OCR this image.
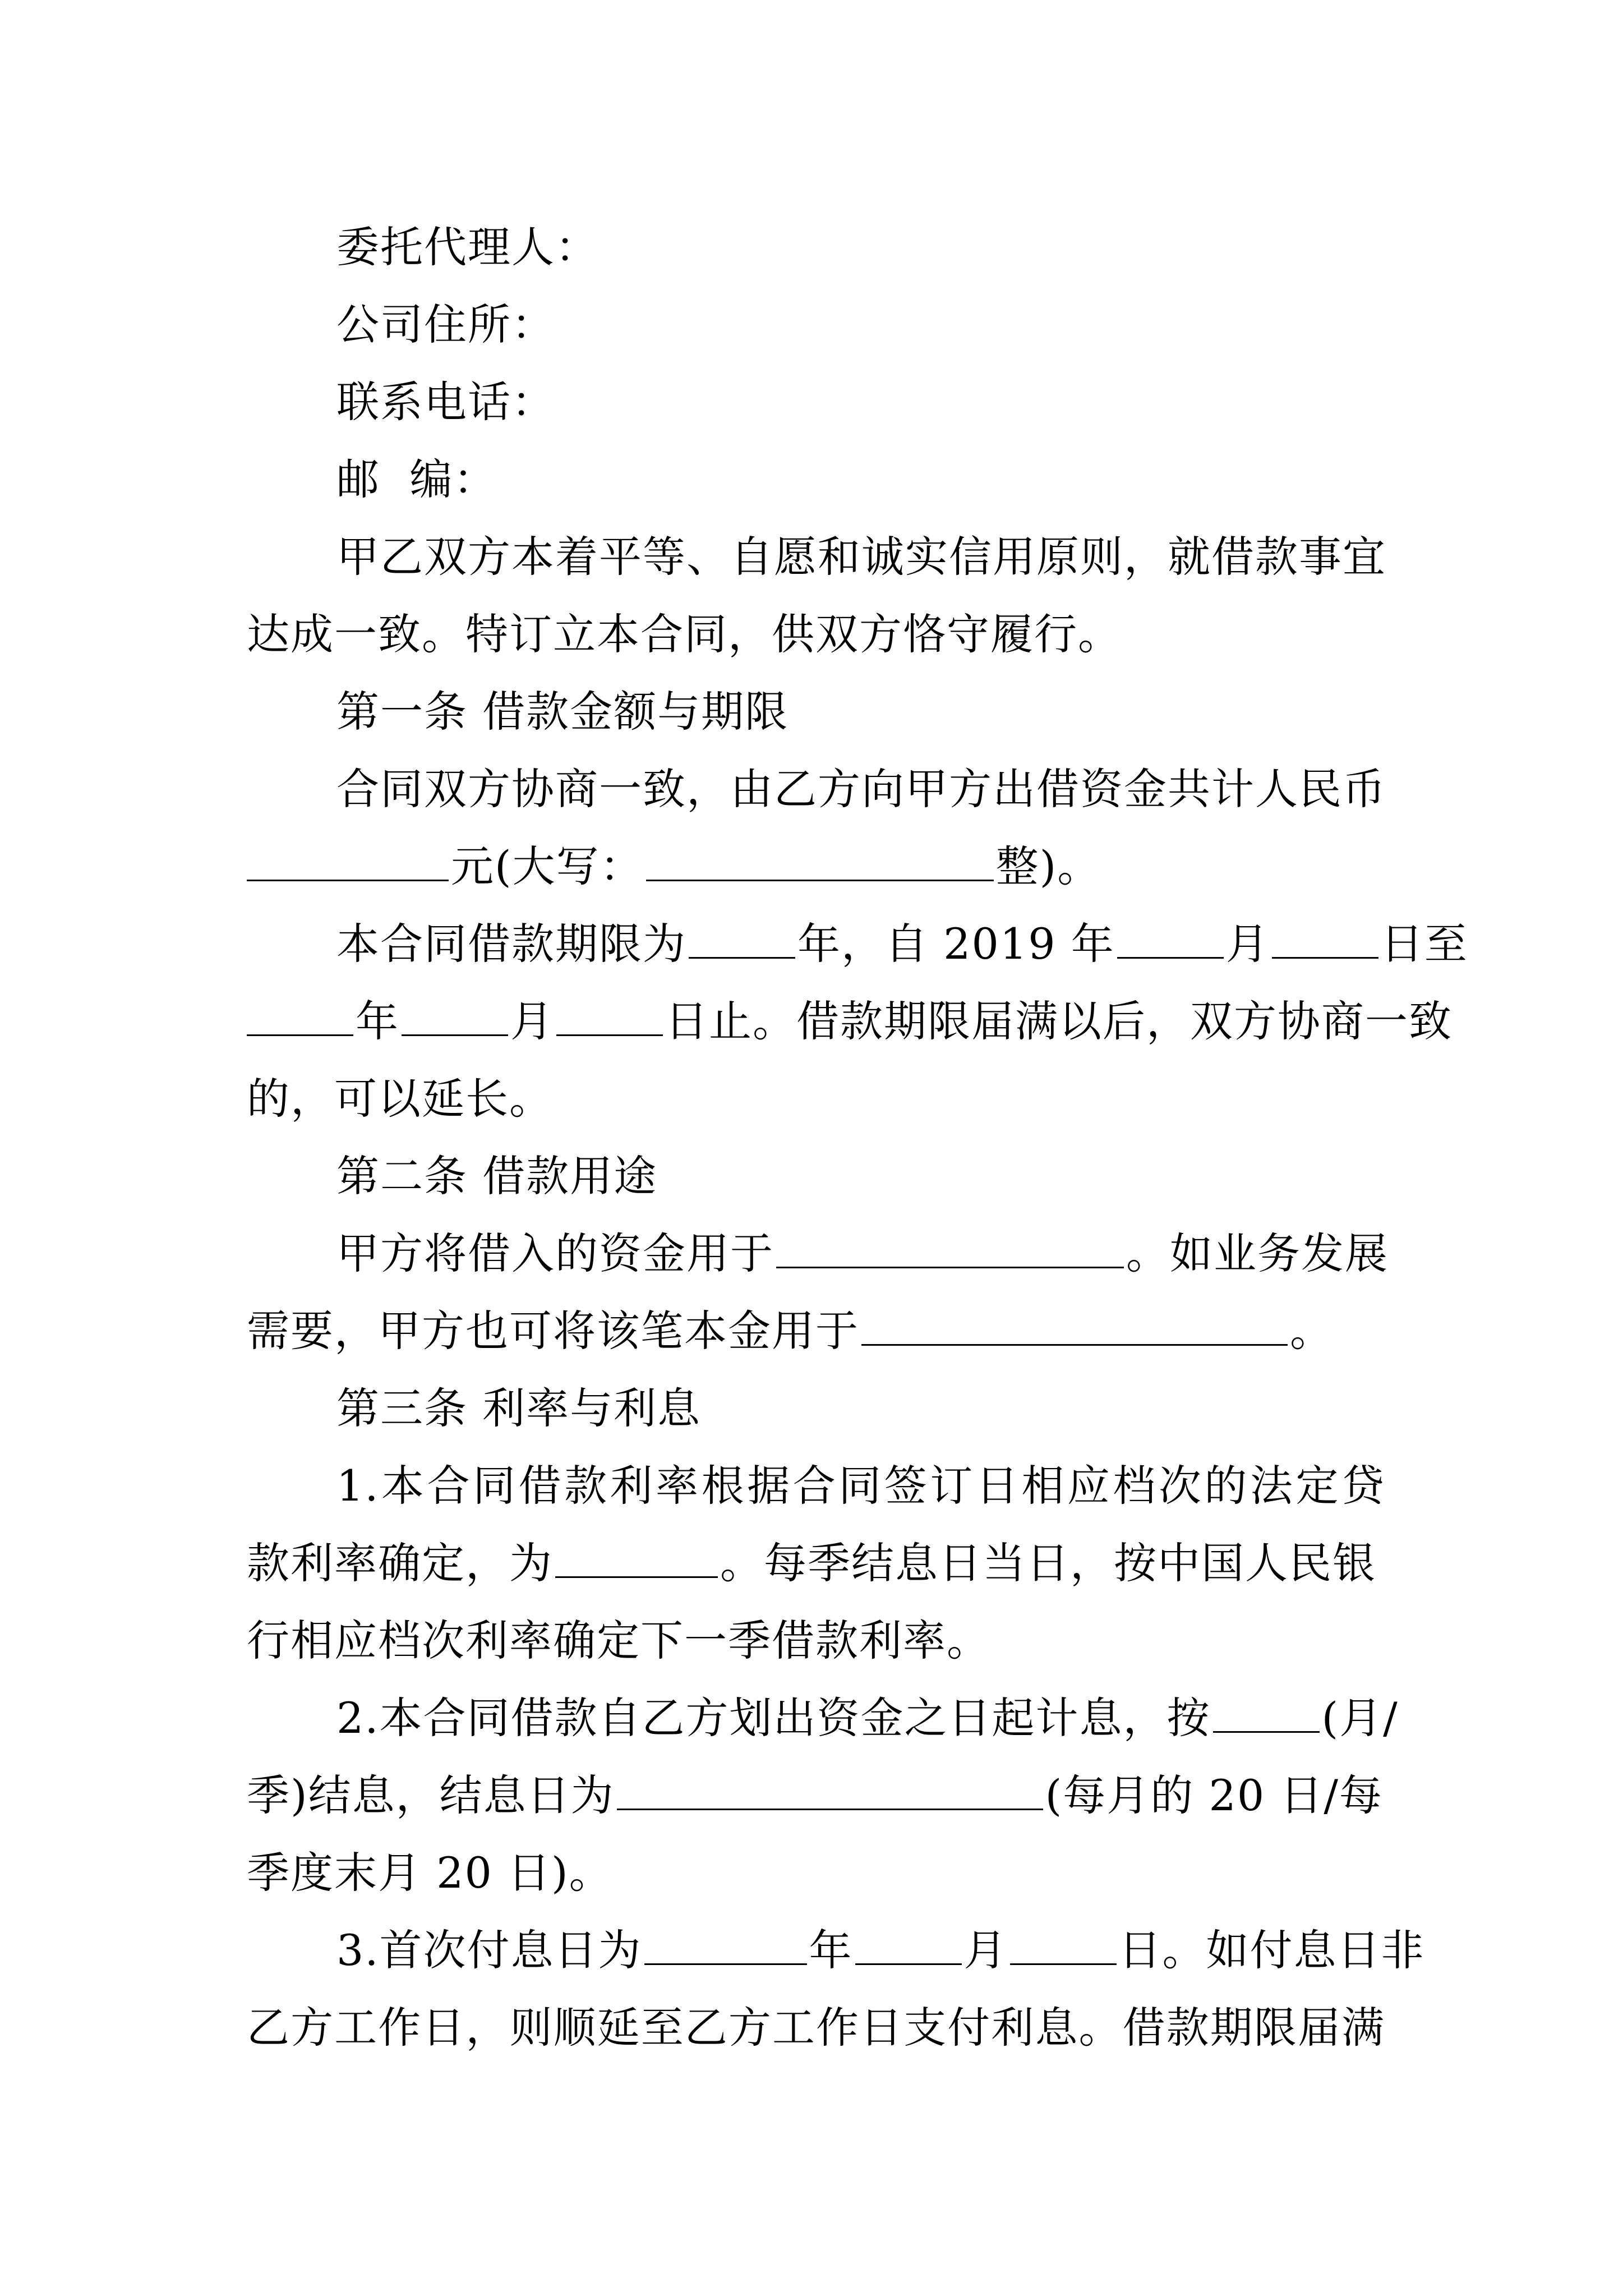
委托代理人：
公司住所：
联系电话：
邮  编：
甲乙双方本着平等、自愿和诚实信用原则，就借款事宜
达成一致。特订立本合同，供双方恪守履行。
第一条 借款金额与期限
合同双方协商一致，由乙方向甲方出借资金共计人民币
元(大写：	整)。
本合同借款期限为	年，自 2019 年	月	日至
年	月	日止。借款期限届满以后，双方协商一致
的，可以延长。
第二条 借款用途
甲方将借入的资金用于	。如业务发展
需要，甲方也可将该笔本金用于	。
第三条 利率与利息
1.本合同借款利率根据合同签订日相应档次的法定贷
款利率确定，为	。每季结息日当日，按中国人民银
行相应档次利率确定下一季借款利率。
2.本合同借款自乙方划出资金之日起计息，按	(月/
季)结息，结息日为	(每月的 20 日/每
季度末月 20 日)。
3.首次付息日为	年	月	日。如付息日非
乙方工作日，则顺延至乙方工作日支付利息。借款期限届满
